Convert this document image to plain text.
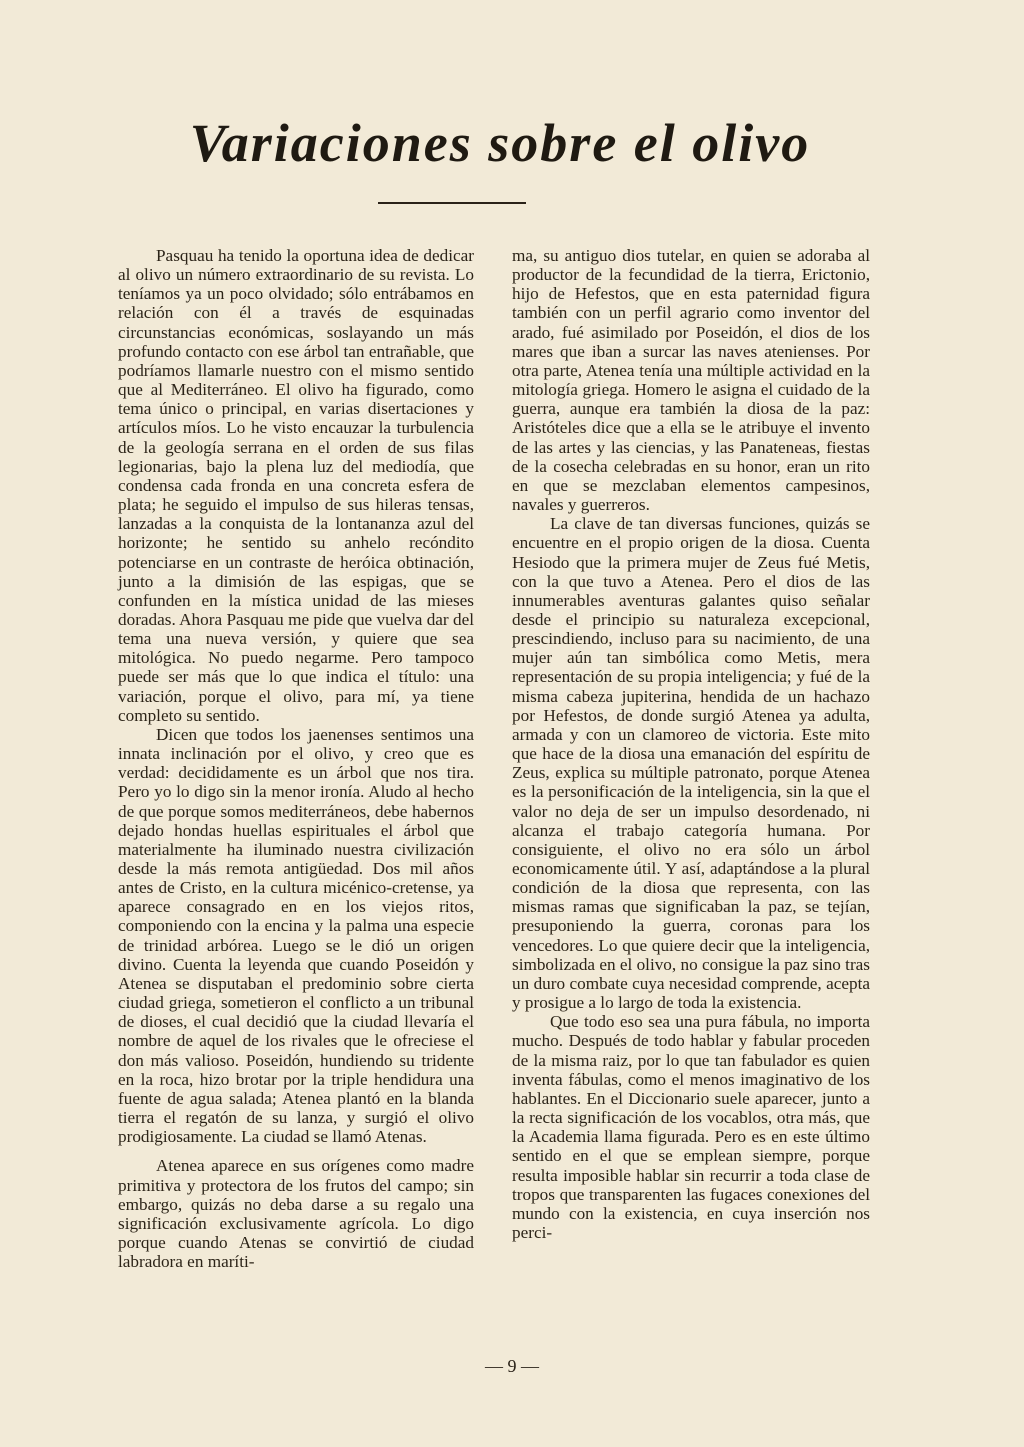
Variaciones sobre el olivo

Pasquau ha tenido la oportuna idea de dedicar al olivo un número extraordinario de su revista. Lo teníamos ya un poco olvidado; sólo entrábamos en relación con él a través de esquinadas circunstancias económicas, soslayando un más profundo contacto con ese árbol tan entrañable, que podríamos llamarle nuestro con el mismo sentido que al Mediterráneo. El olivo ha figurado, como tema único o principal, en varias disertaciones y artículos míos. Lo he visto encauzar la turbulencia de la geología serrana en el orden de sus filas legionarias, bajo la plena luz del mediodía, que condensa cada fronda en una concreta esfera de plata; he seguido el impulso de sus hileras tensas, lanzadas a la conquista de la lontananza azul del horizonte; he sentido su anhelo recóndito potenciarse en un contraste de heróica obtinación, junto a la dimisión de las espigas, que se confunden en la mística unidad de las mieses doradas. Ahora Pasquau me pide que vuelva dar del tema una nueva versión, y quiere que sea mitológica. No puedo negarme. Pero tampoco puede ser más que lo que indica el título: una variación, porque el olivo, para mí, ya tiene completo su sentido.

Dicen que todos los jaenenses sentimos una innata inclinación por el olivo, y creo que es verdad: decididamente es un árbol que nos tira. Pero yo lo digo sin la menor ironía. Aludo al hecho de que porque somos mediterráneos, debe habernos dejado hondas huellas espirituales el árbol que materialmente ha iluminado nuestra civilización desde la más remota antigüedad. Dos mil años antes de Cristo, en la cultura micénico-cretense, ya aparece consagrado en en los viejos ritos, componiendo con la encina y la palma una especie de trinidad arbórea. Luego se le dió un origen divino. Cuenta la leyenda que cuando Poseidón y Atenea se disputaban el predominio sobre cierta ciudad griega, sometieron el conflicto a un tribunal de dioses, el cual decidió que la ciudad llevaría el nombre de aquel de los rivales que le ofreciese el don más valioso. Poseidón, hundiendo su tridente en la roca, hizo brotar por la triple hendidura una fuente de agua salada; Atenea plantó en la blanda tierra el regatón de su lanza, y surgió el olivo prodigiosamente. La ciudad se llamó Atenas.

Atenea aparece en sus orígenes como madre primitiva y protectora de los frutos del campo; sin embargo, quizás no deba darse a su regalo una significación exclusivamente agrícola. Lo digo porque cuando Atenas se convirtió de ciudad labradora en maríti-

ma, su antiguo dios tutelar, en quien se adoraba al productor de la fecundidad de la tierra, Erictonio, hijo de Hefestos, que en esta paternidad figura también con un perfil agrario como inventor del arado, fué asimilado por Poseidón, el dios de los mares que iban a surcar las naves atenienses. Por otra parte, Atenea tenía una múltiple actividad en la mitología griega. Homero le asigna el cuidado de la guerra, aunque era también la diosa de la paz: Aristóteles dice que a ella se le atribuye el invento de las artes y las ciencias, y las Panateneas, fiestas de la cosecha celebradas en su honor, eran un rito en que se mezclaban elementos campesinos, navales y guerreros.

La clave de tan diversas funciones, quizás se encuentre en el propio origen de la diosa. Cuenta Hesiodo que la primera mujer de Zeus fué Metis, con la que tuvo a Atenea. Pero el dios de las innumerables aventuras galantes quiso señalar desde el principio su naturaleza excepcional, prescindiendo, incluso para su nacimiento, de una mujer aún tan simbólica como Metis, mera representación de su propia inteligencia; y fué de la misma cabeza jupiterina, hendida de un hachazo por Hefestos, de donde surgió Atenea ya adulta, armada y con un clamoreo de victoria. Este mito que hace de la diosa una emanación del espíritu de Zeus, explica su múltiple patronato, porque Atenea es la personificación de la inteligencia, sin la que el valor no deja de ser un impulso desordenado, ni alcanza el trabajo categoría humana. Por consiguiente, el olivo no era sólo un árbol economicamente útil. Y así, adaptándose a la plural condición de la diosa que representa, con las mismas ramas que significaban la paz, se tejían, presuponiendo la guerra, coronas para los vencedores. Lo que quiere decir que la inteligencia, simbolizada en el olivo, no consigue la paz sino tras un duro combate cuya necesidad comprende, acepta y prosigue a lo largo de toda la existencia.

Que todo eso sea una pura fábula, no importa mucho. Después de todo hablar y fabular proceden de la misma raiz, por lo que tan fabulador es quien inventa fábulas, como el menos imaginativo de los hablantes. En el Diccionario suele aparecer, junto a la recta significación de los vocablos, otra más, que la Academia llama figurada. Pero es en este último sentido en el que se emplean siempre, porque resulta imposible hablar sin recurrir a toda clase de tropos que transparenten las fugaces conexiones del mundo con la existencia, en cuya inserción nos perci-

— 9 —
